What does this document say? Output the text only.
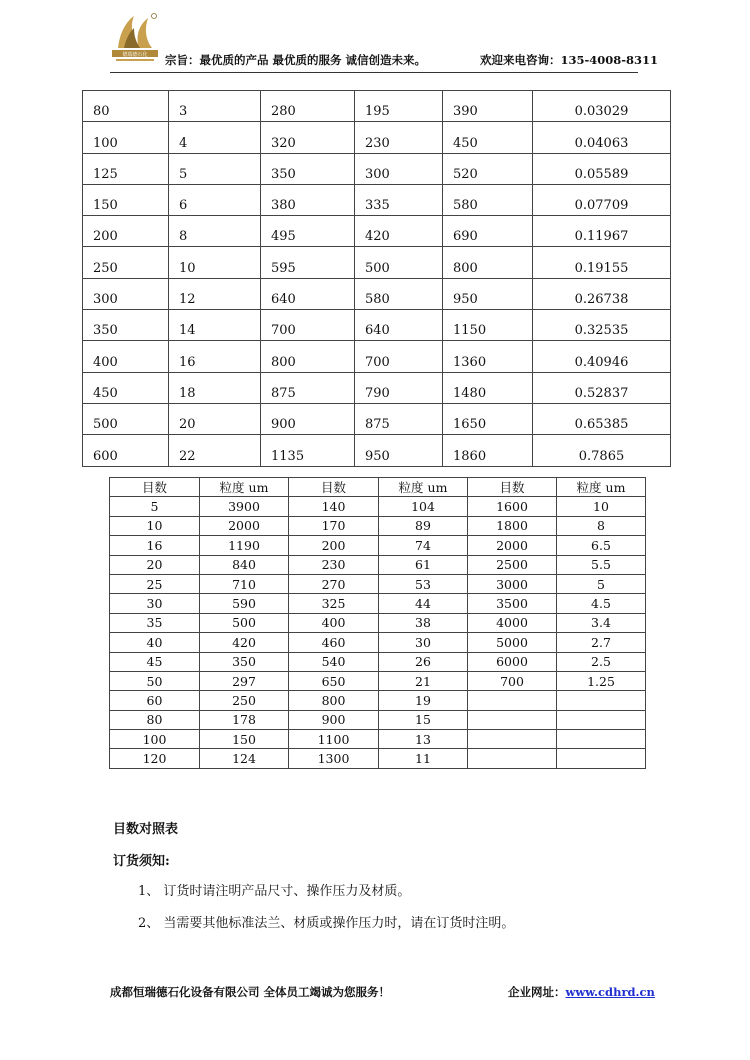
德瑞德石化 宗旨：最优质的产品 最优质的服务 诚信创造未来。	欢迎来电咨询：135-4008-8311
80	3	280	195	390	0.03029
100	4	320	230	450	0.04063
125	5	350	300	520	0.05589
150	6	380	335	580	0.07709
200	8	495	420	690	0.11967
250	10	595	500	800	0.19155
300	12	640	580	950	0.26738
350	14	700	640	1150	0.32535
400	16	800	700	1360	0.40946
450	18	875	790	1480	0.52837
500	20	900	875	1650	0.65385
600	22	1135	950	1860	0.7865
目数	粒度 um	目数	粒度 um	目数	粒度 um
5	3900	140	104	1600	10
10	2000	170	89	1800	8
16	1190	200	74	2000	6.5
20	840	230	61	2500	5.5
25	710	270	53	3000	5
30	590	325	44	3500	4.5
35	500	400	38	4000	3.4
40	420	460	30	5000	2.7
45	350	540	26	6000	2.5
50	297	650	21	700	1.25
60	250	800	19		
80	178	900	15		
100	150	1100	13		
120	124	1300	11		
目数对照表
订货须知:
1、 订货时请注明产品尺寸、操作压力及材质。
2、 当需要其他标准法兰、材质或操作压力时，请在订货时注明。
成都恒瑞德石化设备有限公司 全体员工竭诚为您服务！	企业网址：www.cdhrd.cn
